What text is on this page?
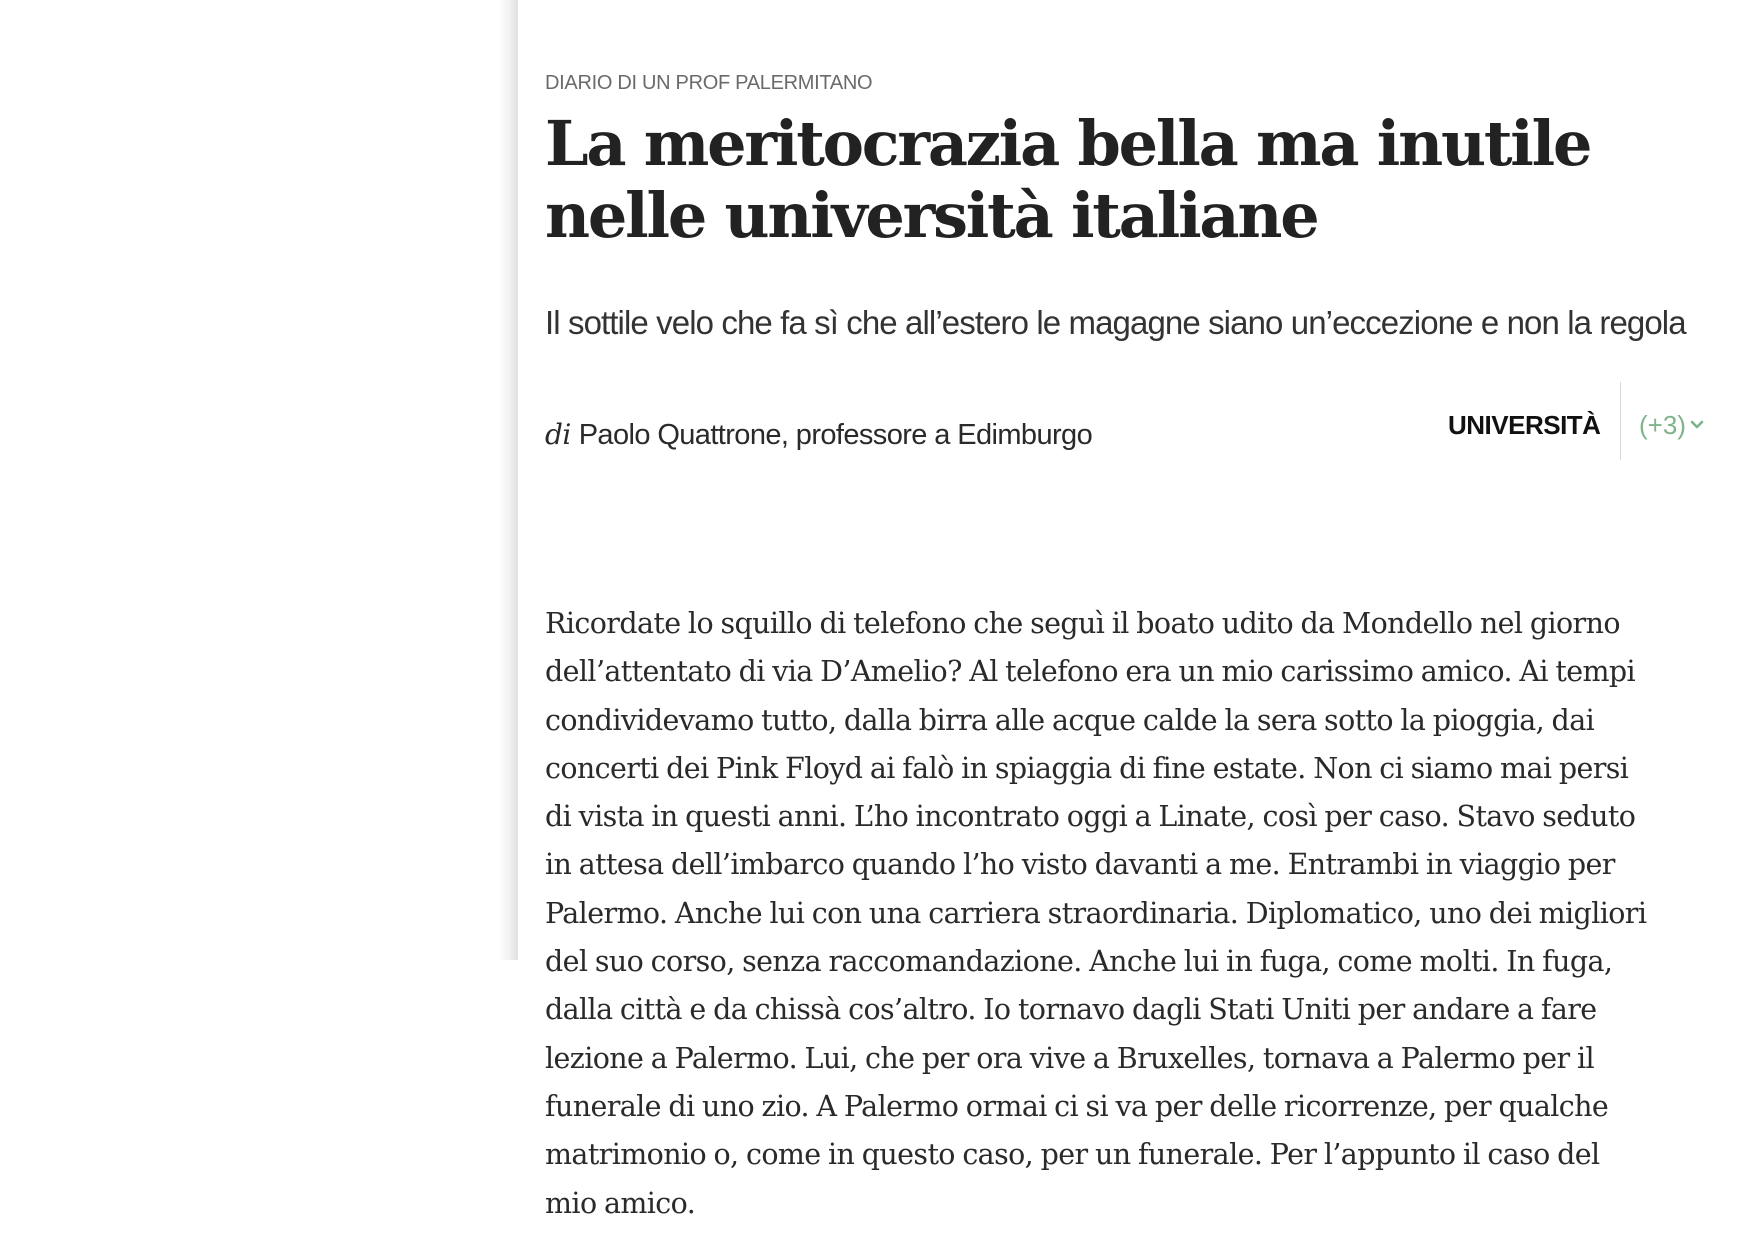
DIARIO DI UN PROF PALERMITANO
La meritocrazia bella ma inutile nelle università italiane
Il sottile velo che fa sì che all’estero le magagne siano un’eccezione e non la regola
di Paolo Quattrone, professore a Edimburgo	UNIVERSITÀ (+3)

Ricordate lo squillo di telefono che seguì il boato udito da Mondello nel giorno dell’attentato di via D’Amelio? Al telefono era un mio carissimo amico. Ai tempi condividevamo tutto, dalla birra alle acque calde la sera sotto la pioggia, dai concerti dei Pink Floyd ai falò in spiaggia di fine estate. Non ci siamo mai persi di vista in questi anni. L’ho incontrato oggi a Linate, così per caso. Stavo seduto in attesa dell’imbarco quando l’ho visto davanti a me. Entrambi in viaggio per Palermo. Anche lui con una carriera straordinaria. Diplomatico, uno dei migliori del suo corso, senza raccomandazione. Anche lui in fuga, come molti. In fuga, dalla città e da chissà cos’altro. Io tornavo dagli Stati Uniti per andare a fare lezione a Palermo. Lui, che per ora vive a Bruxelles, tornava a Palermo per il funerale di uno zio. A Palermo ormai ci si va per delle ricorrenze, per qualche matrimonio o, come in questo caso, per un funerale. Per l’appunto il caso del mio amico.
